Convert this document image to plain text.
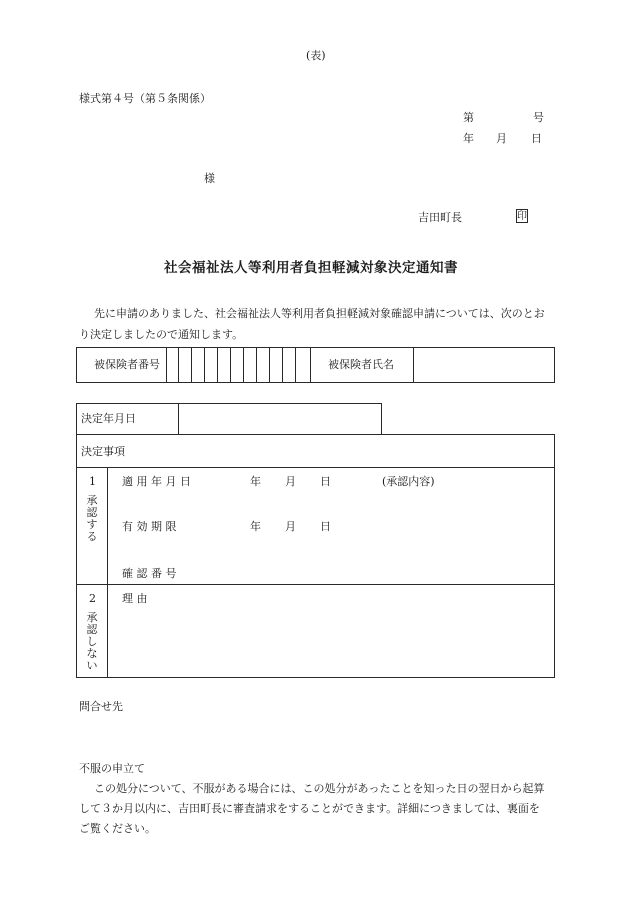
(表)
様式第４号（第５条関係）
第	号
年 月 日
様
吉田町長	印
社会福祉法人等利用者負担軽減対象決定通知書
先に申請のありました、社会福祉法人等利用者負担軽減対象確認申請については、次のとお
り決定しましたので通知します。
被保険者番号	被保険者氏名
決定年月日
決定事項
1
承認する
適 用 年 月 日	年 月 日	(承認内容)
有 効 期 限	年 月 日
確 認 番 号
2
承認しない
理 由
問合せ先
不服の申立て
この処分について、不服がある場合には、この処分があったことを知った日の翌日から起算
して３か月以内に、吉田町長に審査請求をすることができます。詳細につきましては、裏面を
ご覧ください。
